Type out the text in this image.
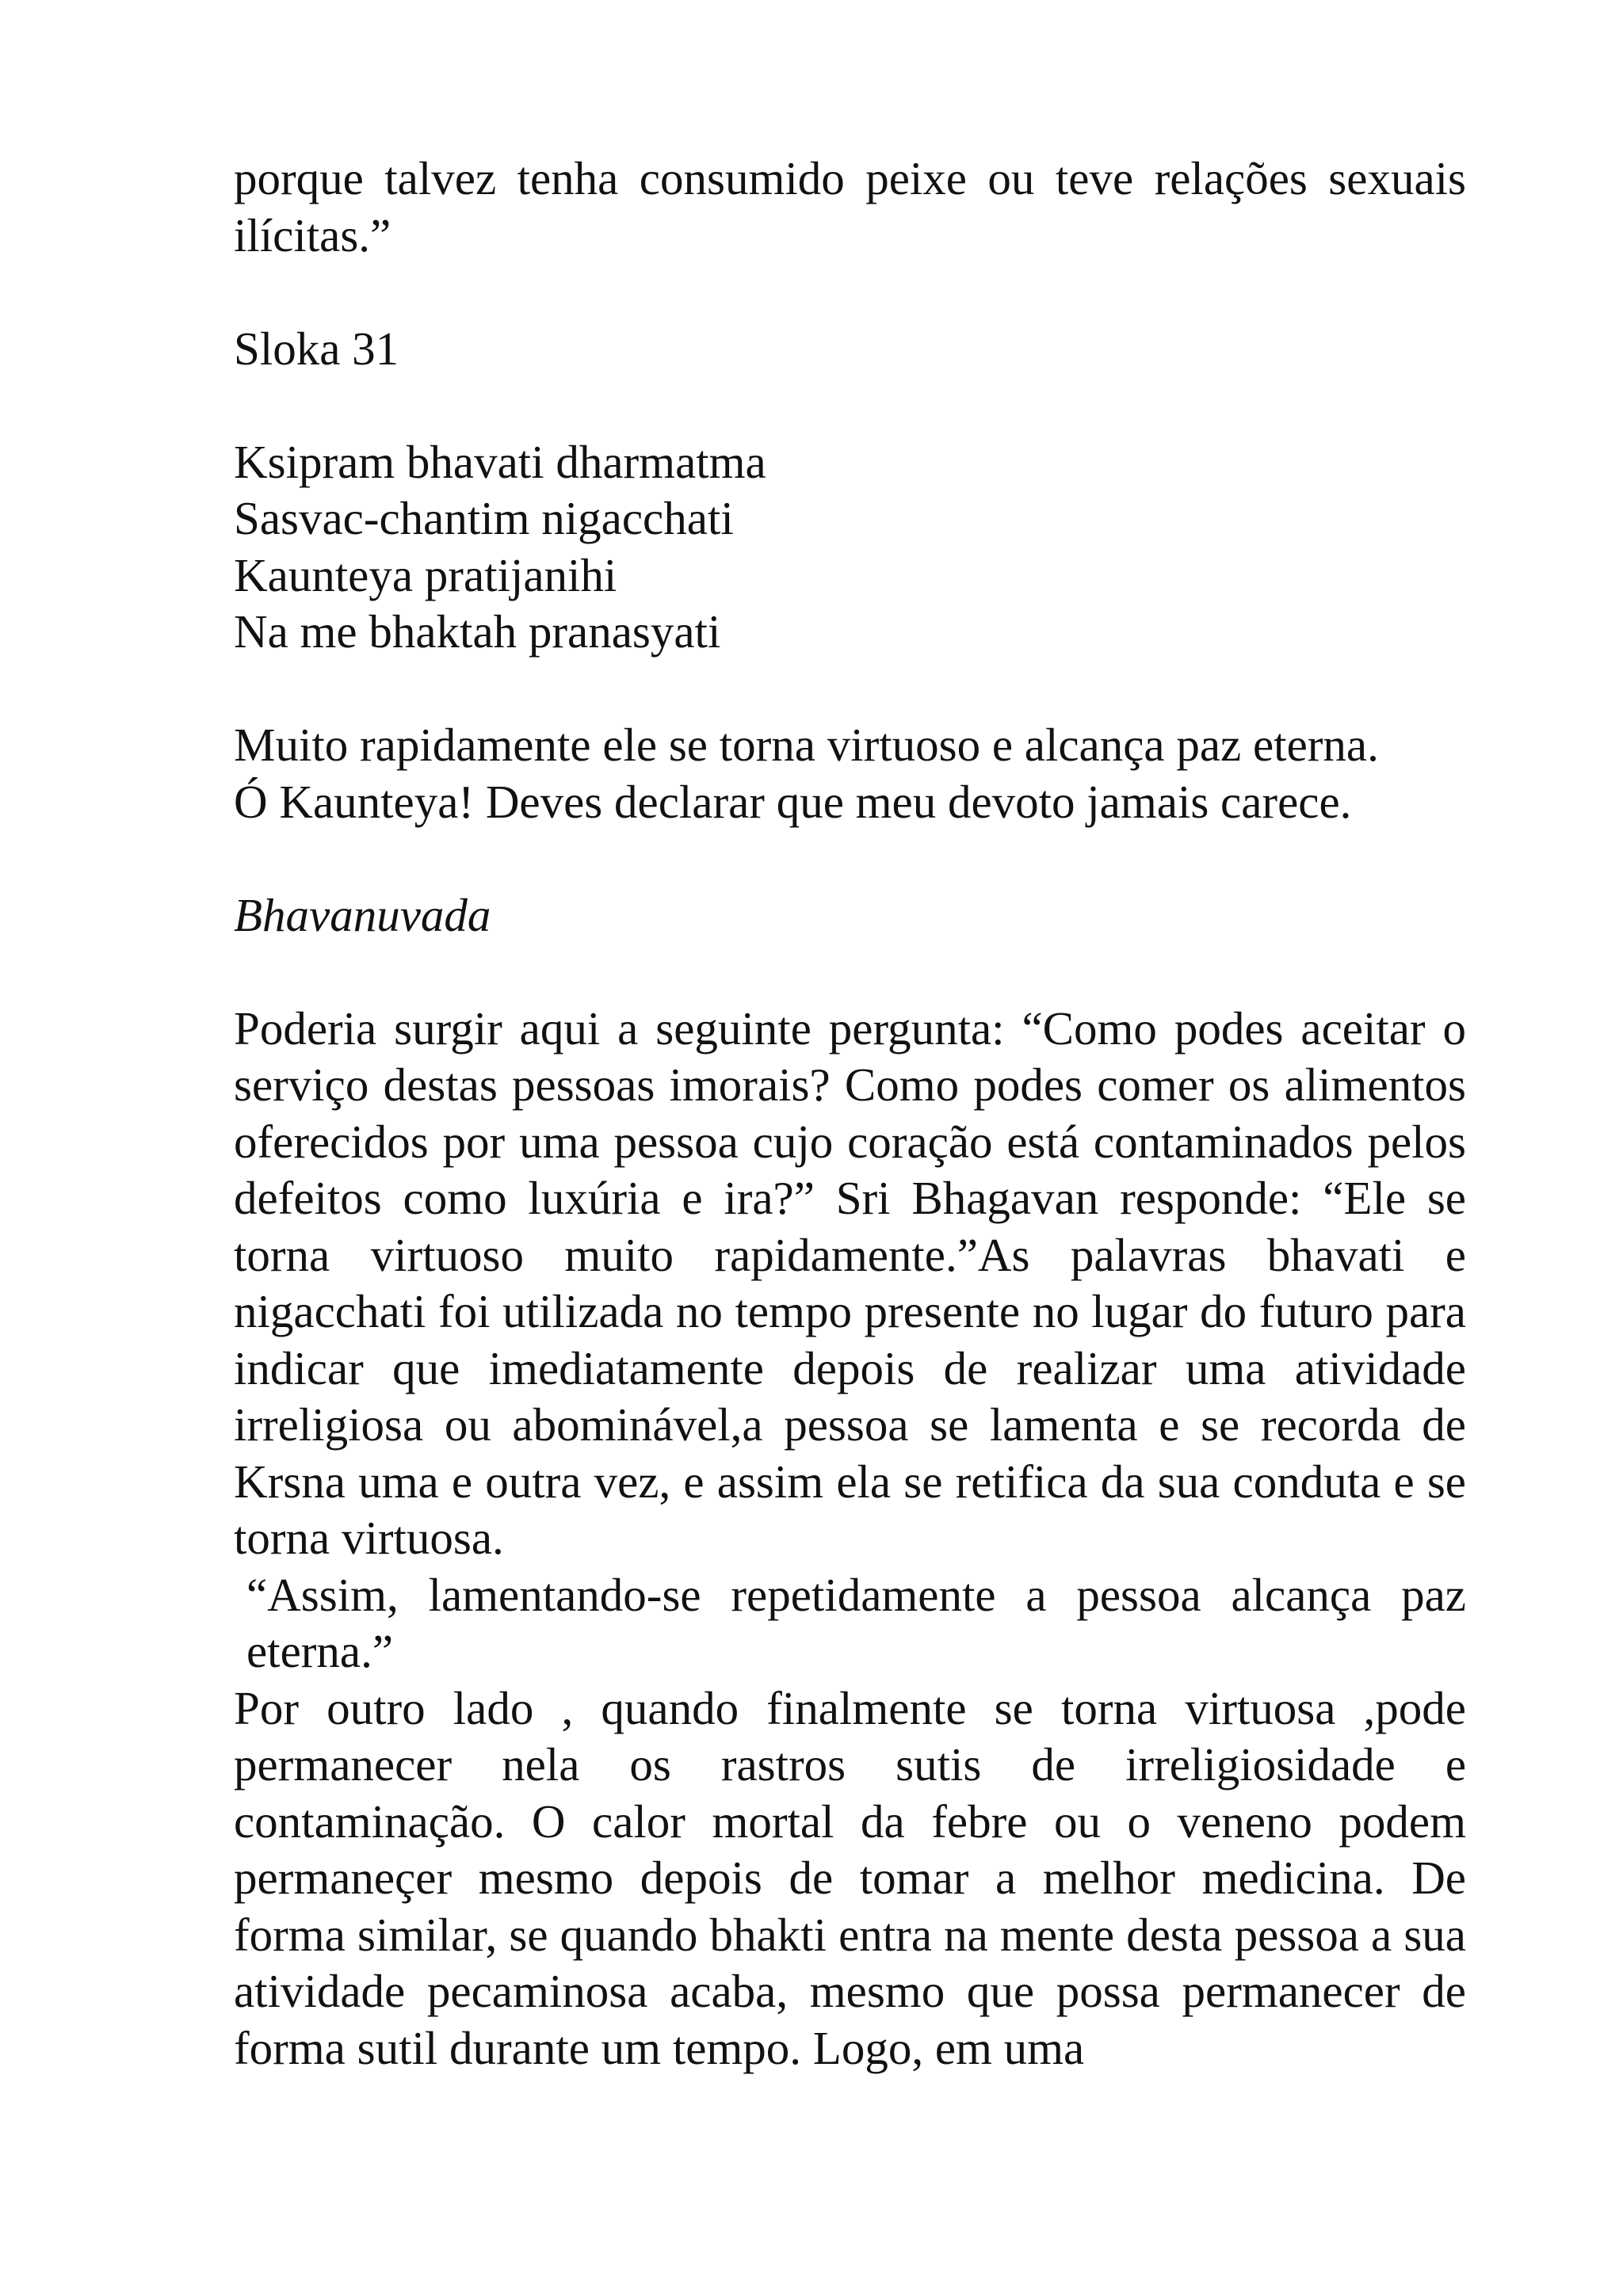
porque talvez tenha consumido peixe ou teve relações sexuais ilícitas.”

Sloka 31

Ksipram bhavati dharmatma

Sasvac-chantim nigacchati

Kaunteya pratijanihi

Na me bhaktah pranasyati

Muito rapidamente ele se torna virtuoso e alcança paz eterna.

Ó Kaunteya! Deves declarar que meu devoto jamais carece.

Bhavanuvada

Poderia surgir aqui a seguinte pergunta: “Como podes aceitar o serviço destas pessoas imorais? Como podes comer os alimentos oferecidos por uma pessoa cujo coração está contaminados pelos defeitos como luxúria e ira?” Sri Bhagavan responde: “Ele se torna virtuoso muito rapidamente.”As palavras bhavati e nigacchati foi utilizada no tempo presente no lugar do futuro para indicar que imediatamente depois de realizar uma atividade irreligiosa ou abominável,a pessoa se lamenta e se recorda de Krsna uma e outra vez, e assim ela se retifica da sua conduta e se torna virtuosa.

“Assim, lamentando-se repetidamente a pessoa alcança paz eterna.”

Por outro lado , quando finalmente se torna virtuosa ,pode permanecer nela os rastros sutis de irreligiosidade e contaminação. O calor mortal da febre ou o veneno podem permaneçer mesmo depois de tomar a melhor medicina. De forma similar, se quando bhakti entra na mente desta pessoa a sua atividade pecaminosa acaba, mesmo que possa permanecer de forma sutil durante um tempo. Logo, em uma
